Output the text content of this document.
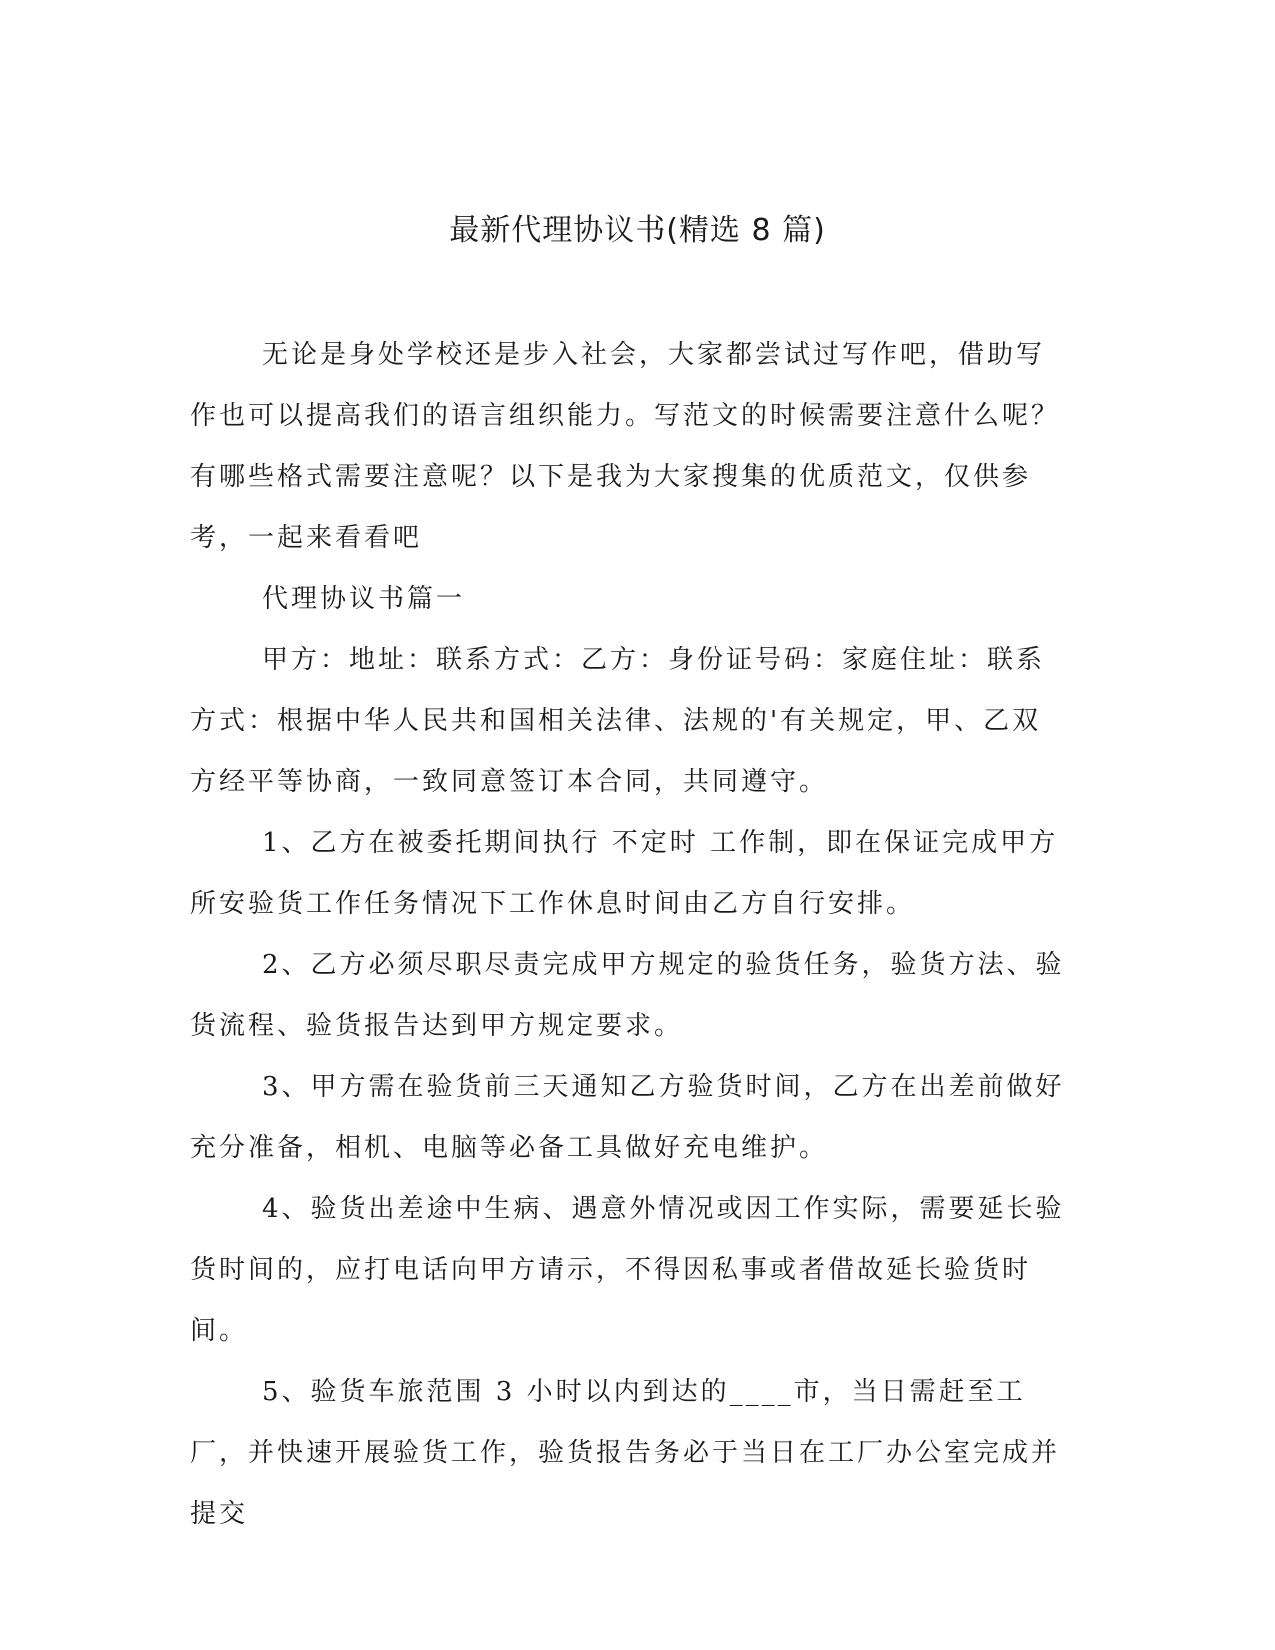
最新代理协议书(精选 8 篇)

无论是身处学校还是步入社会，大家都尝试过写作吧，借助写作也可以提高我们的语言组织能力。写范文的时候需要注意什么呢？有哪些格式需要注意呢？以下是我为大家搜集的优质范文，仅供参考，一起来看看吧

代理协议书篇一

甲方：地址：联系方式：乙方：身份证号码：家庭住址：联系方式：根据中华人民共和国相关法律、法规的'有关规定，甲、乙双方经平等协商，一致同意签订本合同，共同遵守。

1、乙方在被委托期间执行 不定时 工作制，即在保证完成甲方所安验货工作任务情况下工作休息时间由乙方自行安排。

2、乙方必须尽职尽责完成甲方规定的验货任务，验货方法、验货流程、验货报告达到甲方规定要求。

3、甲方需在验货前三天通知乙方验货时间，乙方在出差前做好充分准备，相机、电脑等必备工具做好充电维护。

4、验货出差途中生病、遇意外情况或因工作实际，需要延长验货时间的，应打电话向甲方请示，不得因私事或者借故延长验货时间。

5、验货车旅范围 3 小时以内到达的____市，当日需赶至工厂，并快速开展验货工作，验货报告务必于当日在工厂办公室完成并提交
